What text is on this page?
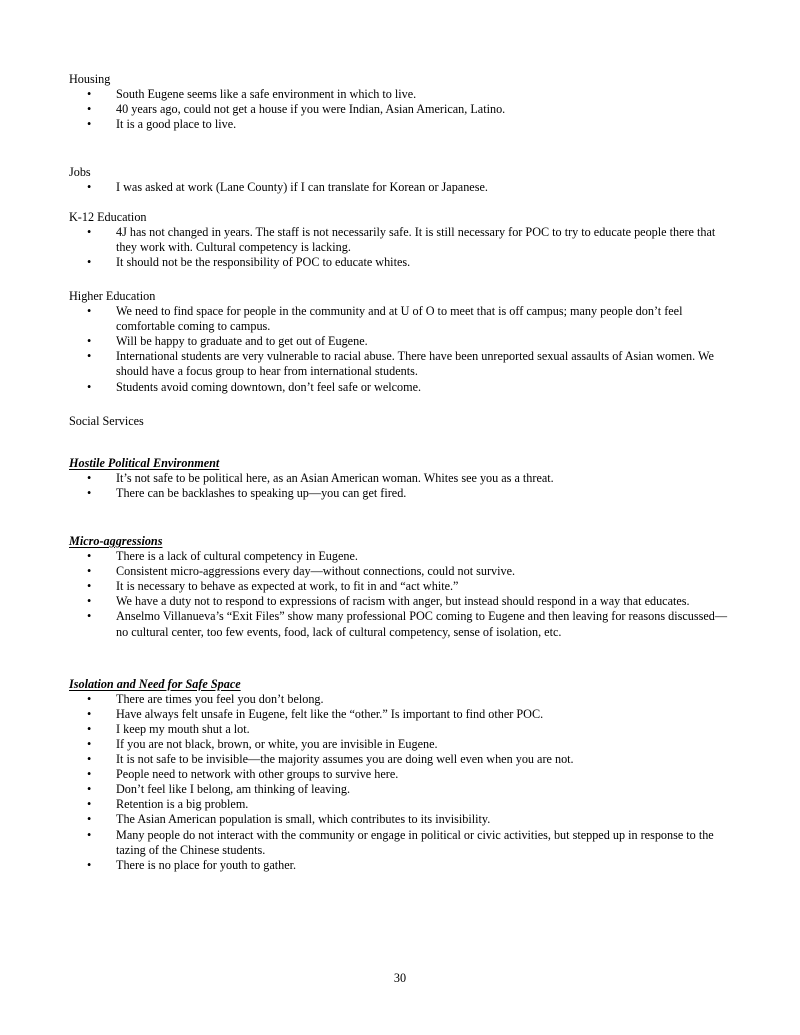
Housing
• South Eugene seems like a safe environment in which to live.
• 40 years ago, could not get a house if you were Indian, Asian American, Latino.
• It is a good place to live.
Jobs
• I was asked at work (Lane County) if I can translate for Korean or Japanese.
K-12 Education
• 4J has not changed in years. The staff is not necessarily safe. It is still necessary for POC to try to educate people there that they work with. Cultural competency is lacking.
• It should not be the responsibility of POC to educate whites.
Higher Education
• We need to find space for people in the community and at U of O to meet that is off campus; many people don’t feel comfortable coming to campus.
• Will be happy to graduate and to get out of Eugene.
• International students are very vulnerable to racial abuse. There have been unreported sexual assaults of Asian women. We should have a focus group to hear from international students.
• Students avoid coming downtown, don’t feel safe or welcome.
Social Services
Hostile Political Environment
• It’s not safe to be political here, as an Asian American woman. Whites see you as a threat.
• There can be backlashes to speaking up—you can get fired.
Micro-aggressions
• There is a lack of cultural competency in Eugene.
• Consistent micro-aggressions every day—without connections, could not survive.
• It is necessary to behave as expected at work, to fit in and “act white.”
• We have a duty not to respond to expressions of racism with anger, but instead should respond in a way that educates.
• Anselmo Villanueva’s “Exit Files” show many professional POC coming to Eugene and then leaving for reasons discussed—no cultural center, too few events, food, lack of cultural competency, sense of isolation, etc.
Isolation and Need for Safe Space
• There are times you feel you don’t belong.
• Have always felt unsafe in Eugene, felt like the “other.” Is important to find other POC.
• I keep my mouth shut a lot.
• If you are not black, brown, or white, you are invisible in Eugene.
• It is not safe to be invisible—the majority assumes you are doing well even when you are not.
• People need to network with other groups to survive here.
• Don’t feel like I belong, am thinking of leaving.
• Retention is a big problem.
• The Asian American population is small, which contributes to its invisibility.
• Many people do not interact with the community or engage in political or civic activities, but stepped up in response to the tazing of the Chinese students.
• There is no place for youth to gather.
30
